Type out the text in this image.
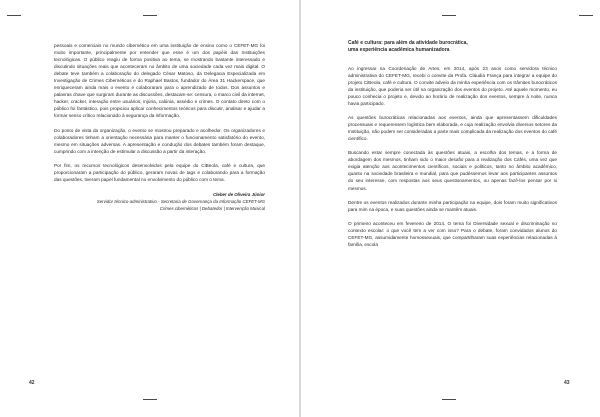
pessoais e comerciais no mundo cibernético em uma instituição de ensino como o CEFET-MG foi muito importante, principalmente por entender que esse é um dos papéis das Instituições tecnológicas. O público reagiu de forma positiva ao tema, se mostrando bastante interessado e discutindo situações reais que aconteceram no âmbito de uma sociedade cada vez mais digital. O debate teve também a colaboração do delegado César Matoso, da Delegacia Especializada em Investigação de Crimes Cibernéticos e do Raphael Bastos, fundador do Área 31 Hackerspace, que enriqueceram ainda mais o evento e colaboraram para o aprendizado de todos. Dos assuntos e palavras chave que surgiram durante as discussões, destacam-se: censura, o marco civil da internet, hacker, cracker, interação entre usuários, injúria, calúnia, assédio e crimes. O contato direto com o público foi fantástico, pois propiciou aplicar conhecimentos teóricos para discutir, analisar e ajudar a formar senso crítico relacionado à segurança da informação.

Do ponto de vista da organização, o evento se mostrou preparado e acolhedor. Os organizadores e colaboradores tinham a orientação necessária para manter o funcionamento satisfatório do evento, mesmo em situações adversas. A apresentação e condução dos debates também foram destaque, cumprindo com a intenção de estimular a discussão a partir da interação.

Por fim, os recursos tecnológicos desenvolvidos pela equipe do CiBeola, café e cultura, que proporcionaram a participação do público, geraram novas de tags e colaborando para a formação das questões, tiveram papel fundamental no envolvimento do público com o tema.

Cleber de Oliveira Júnior
Servidor técnico-administrativo - Secretaria de Governança da Informação CEFET-MG
Crimes cibernéticos | Debatedor | Intervenção Musical

42

Café e cultura: para além da atividade burocrática,
uma experiência acadêmica humanizadora

Ao ingressar na Coordenação de Artes, em 2014, após 23 anos como servidora técnico administrativa do CEFET-MG, recebi o convite da Profa. Cláudia França para integrar a equipe do projeto CiBeola, café e cultura. O convite adveio da minha experiência com os trâmites burocráticos da instituição, que poderia ser útil na organização dos eventos do projeto. Até aquele momento, eu pouco conhecia o projeto e, devido ao horário de realização dos eventos, sempre à noite, nunca havia participado.

As questões burocráticas relacionadas aos eventos, ainda que apresentassem dificuldades processuais e requeressem logística bem elaborada, e cuja realização envolvia diversos setores da Instituição, não podem ser consideradas a parte mais complicada da realização dos eventos do café científico.

Buscando estar sempre conectada às questões atuais, a escolha dos temas, e a forma de abordagem dos mesmos, tinham sido o maior desafio para a realização dos Cafés, uma vez que exigia atenção aos acontecimentos científicos, sociais e políticos, tanto no âmbito acadêmico, quanto na sociedade brasileira e mundial, para que pudéssemos levar aos participantes assuntos do seu interesse, com respostas aos seus questionamentos, ou apenas fazê-los pensar por si mesmos.

Dentre os eventos realizados durante minha participação na equipe, dois foram muito significativos para mim na época, e suas questões ainda se mantêm atuais.

O primeiro aconteceu em fevereiro de 2014. O tema foi Diversidade sexual e discriminação no contexto escolar: o que você tem a ver com isso? Para o debate, foram convidados alunos do CEFET-MG, assumidamente homossexuais, que compartilharam suas experiências relacionadas à família, escola

43
